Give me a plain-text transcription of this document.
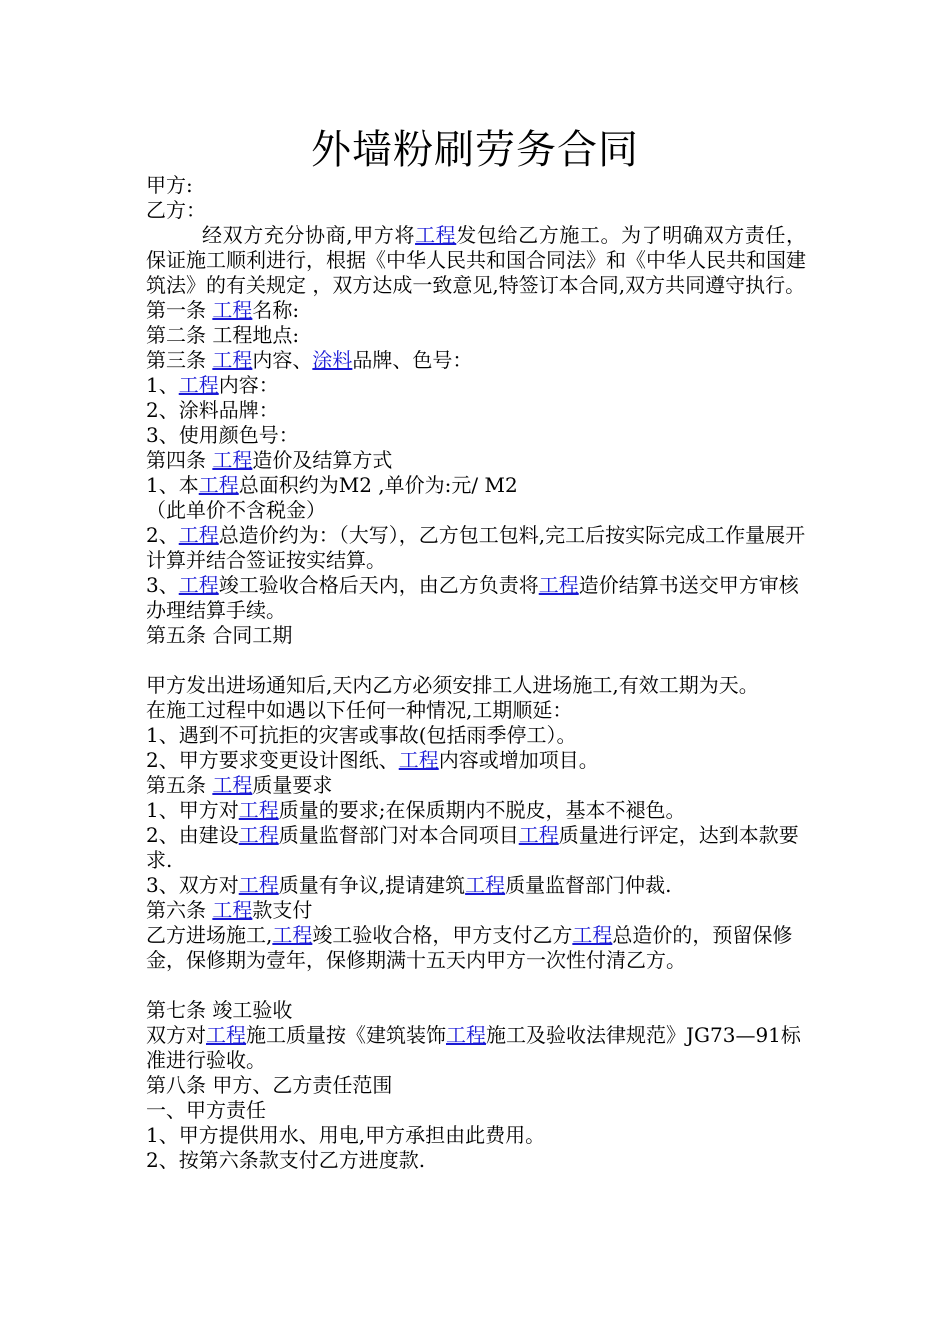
外墙粉刷劳务合同

甲方:

乙方：

经双方充分协商,甲方将工程发包给乙方施工。为了明确双方责任，保证施工顺利进行，根据《中华人民共和国合同法》和《中华人民共和国建筑法》的有关规定 ，双方达成一致意见,特签订本合同,双方共同遵守执行。

第一条 工程名称:

第二条 工程地点:

第三条 工程内容、涂料品牌、色号：

1、工程内容：

2、涂料品牌：

3、使用颜色号：

第四条 工程造价及结算方式

1、本工程总面积约为M2 ,单价为:元/ M2

（此单价不含税金）

2、工程总造价约为：（大写），乙方包工包料,完工后按实际完成工作量展开计算并结合签证按实结算。

3、工程竣工验收合格后天内，由乙方负责将工程造价结算书送交甲方审核办理结算手续。

第五条 合同工期

甲方发出进场通知后,天内乙方必须安排工人进场施工,有效工期为天。

在施工过程中如遇以下任何一种情况,工期顺延：

1、遇到不可抗拒的灾害或事故(包括雨季停工）。

2、甲方要求变更设计图纸、工程内容或增加项目。

第五条 工程质量要求

1、甲方对工程质量的要求;在保质期内不脱皮，基本不褪色。

2、由建设工程质量监督部门对本合同项目工程质量进行评定，达到本款要求.

3、双方对工程质量有争议,提请建筑工程质量监督部门仲裁.

第六条 工程款支付

乙方进场施工,工程竣工验收合格，甲方支付乙方工程总造价的，预留保修金，保修期为壹年，保修期满十五天内甲方一次性付清乙方。

第七条 竣工验收

双方对工程施工质量按《建筑装饰工程施工及验收法律规范》JG73—91标准进行验收。

第八条 甲方、乙方责任范围

一、甲方责任

1、甲方提供用水、用电,甲方承担由此费用。

2、按第六条款支付乙方进度款.
